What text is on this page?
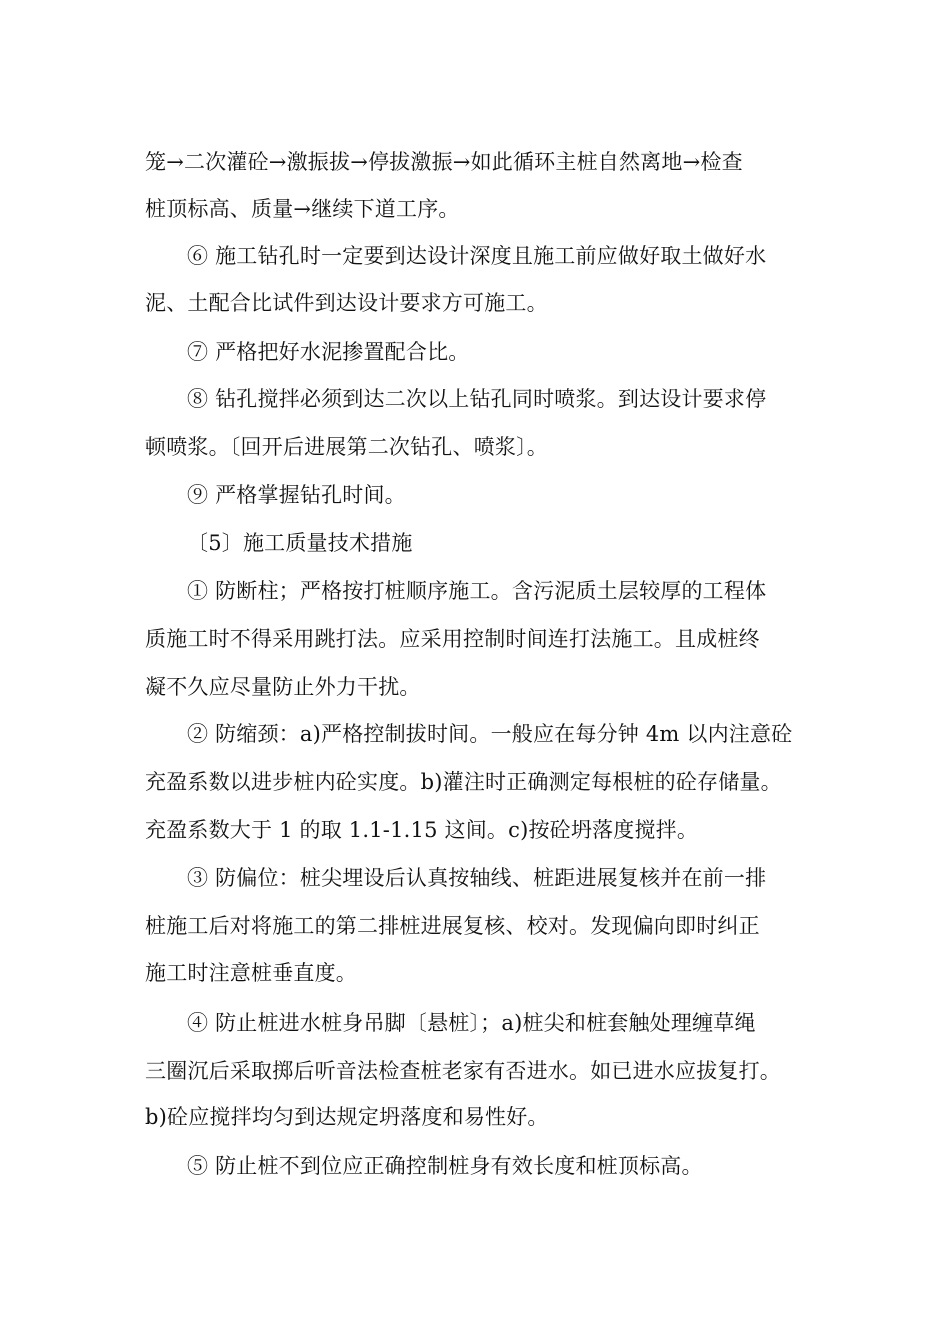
笼→二次灌砼→激振拔→停拔激振→如此循环主桩自然离地→检查
桩顶标高、质量→继续下道工序。
⑥ 施工钻孔时一定要到达设计深度且施工前应做好取土做好水
泥、土配合比试件到达设计要求方可施工。
⑦ 严格把好水泥掺置配合比。
⑧ 钻孔搅拌必须到达二次以上钻孔同时喷浆。到达设计要求停
顿喷浆。〔回开后进展第二次钻孔、喷浆〕。
⑨ 严格掌握钻孔时间。
〔5〕施工质量技术措施
① 防断柱；严格按打桩顺序施工。含污泥质土层较厚的工程体
质施工时不得采用跳打法。应采用控制时间连打法施工。且成桩终
凝不久应尽量防止外力干扰。
② 防缩颈：a)严格控制拔时间。一般应在每分钟 4m 以内注意砼
充盈系数以进步桩内砼实度。b)灌注时正确测定每根桩的砼存储量。
充盈系数大于 1 的取 1.1-1.15 这间。c)按砼坍落度搅拌。
③ 防偏位：桩尖埋设后认真按轴线、桩距进展复核并在前一排
桩施工后对将施工的第二排桩进展复核、校对。发现偏向即时纠正
施工时注意桩垂直度。
④ 防止桩进水桩身吊脚〔悬桩〕；a)桩尖和桩套触处理缠草绳
三圈沉后采取掷后听音法检查桩老家有否进水。如已进水应拔复打。
b)砼应搅拌均匀到达规定坍落度和易性好。
⑤ 防止桩不到位应正确控制桩身有效长度和桩顶标高。
